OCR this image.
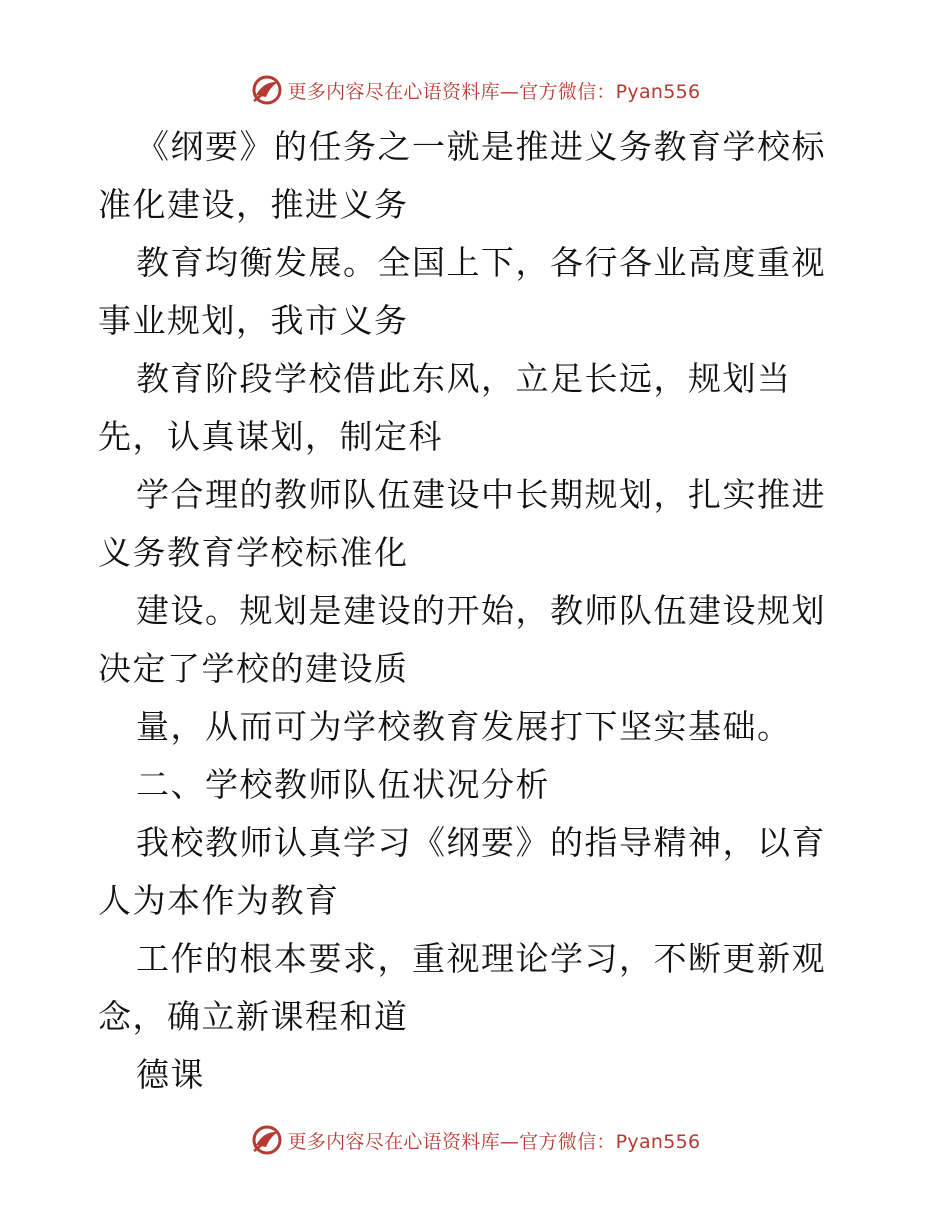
更多内容尽在心语资料库—官方微信：Pyan556

《纲要》的任务之一就是推进义务教育学校标准化建设，推进义务

教育均衡发展。全国上下，各行各业高度重视事业规划，我市义务

教育阶段学校借此东风，立足长远，规划当先，认真谋划，制定科

学合理的教师队伍建设中长期规划，扎实推进义务教育学校标准化

建设。规划是建设的开始，教师队伍建设规划决定了学校的建设质

量，从而可为学校教育发展打下坚实基础。

二、学校教师队伍状况分析

我校教师认真学习《纲要》的指导精神，以育人为本作为教育

工作的根本要求，重视理论学习，不断更新观念，确立新课程和道

德课

更多内容尽在心语资料库—官方微信：Pyan556
